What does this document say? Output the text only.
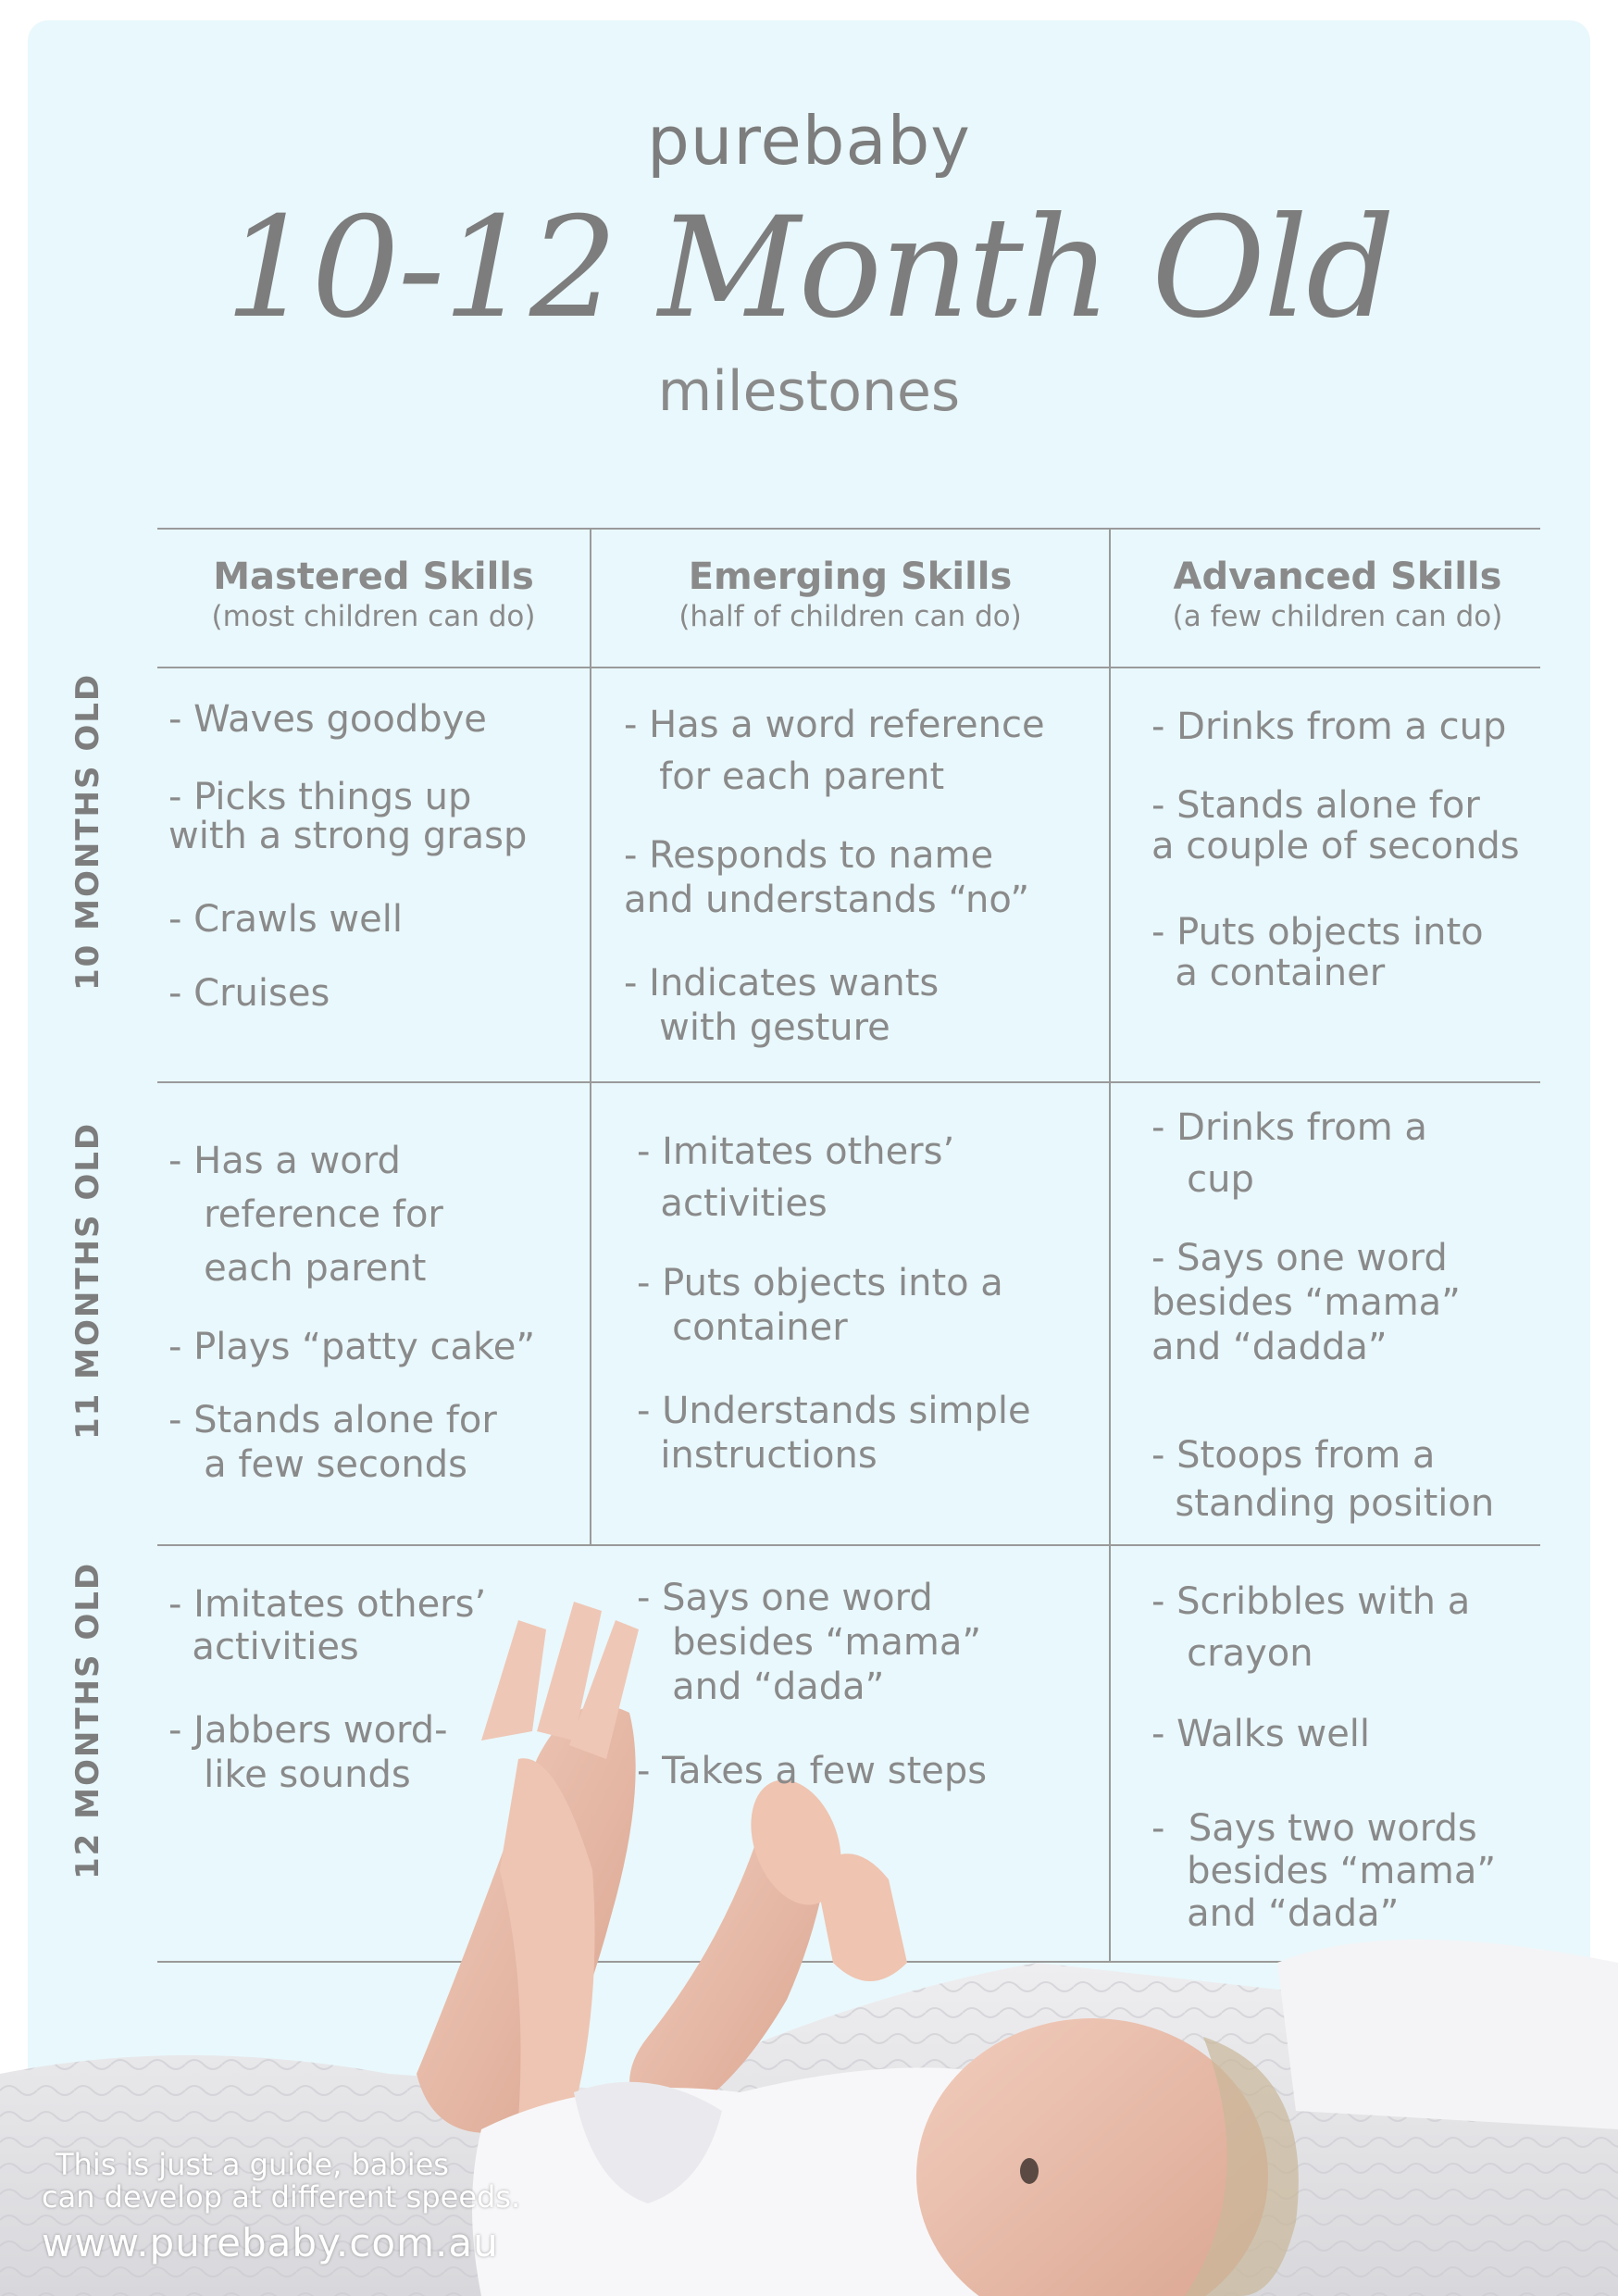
purebaby
10-12 Month Old
milestones
Mastered Skills
(most children can do)
Emerging Skills
(half of children can do)
Advanced Skills
(a few children can do)
10 MONTHS OLD
11 MONTHS OLD
12 MONTHS OLD
- Waves goodbye
- Picks things up
with a strong grasp
- Crawls well
- Cruises
- Has a word reference
for each parent
- Responds to name
and understands “no”
- Indicates wants
with gesture
- Drinks from a cup
- Stands alone for
a couple of seconds
- Puts objects into
a container
- Has a word
reference for
each parent
- Plays “patty cake”
- Stands alone for
a few seconds
- Imitates others’
activities
- Puts objects into a
container
- Understands simple
instructions
- Drinks from a
cup
- Says one word
besides “mama”
and “dadda”
- Stoops from a
standing position
- Imitates others’
activities
- Jabbers word-
like sounds
- Says one word
besides “mama”
and “dada”
- Takes a few steps
- Scribbles with a
crayon
- Walks well
-  Says two words
besides “mama”
and “dada”
This is just a guide, babies
can develop at different speeds.
www.purebaby.com.au
